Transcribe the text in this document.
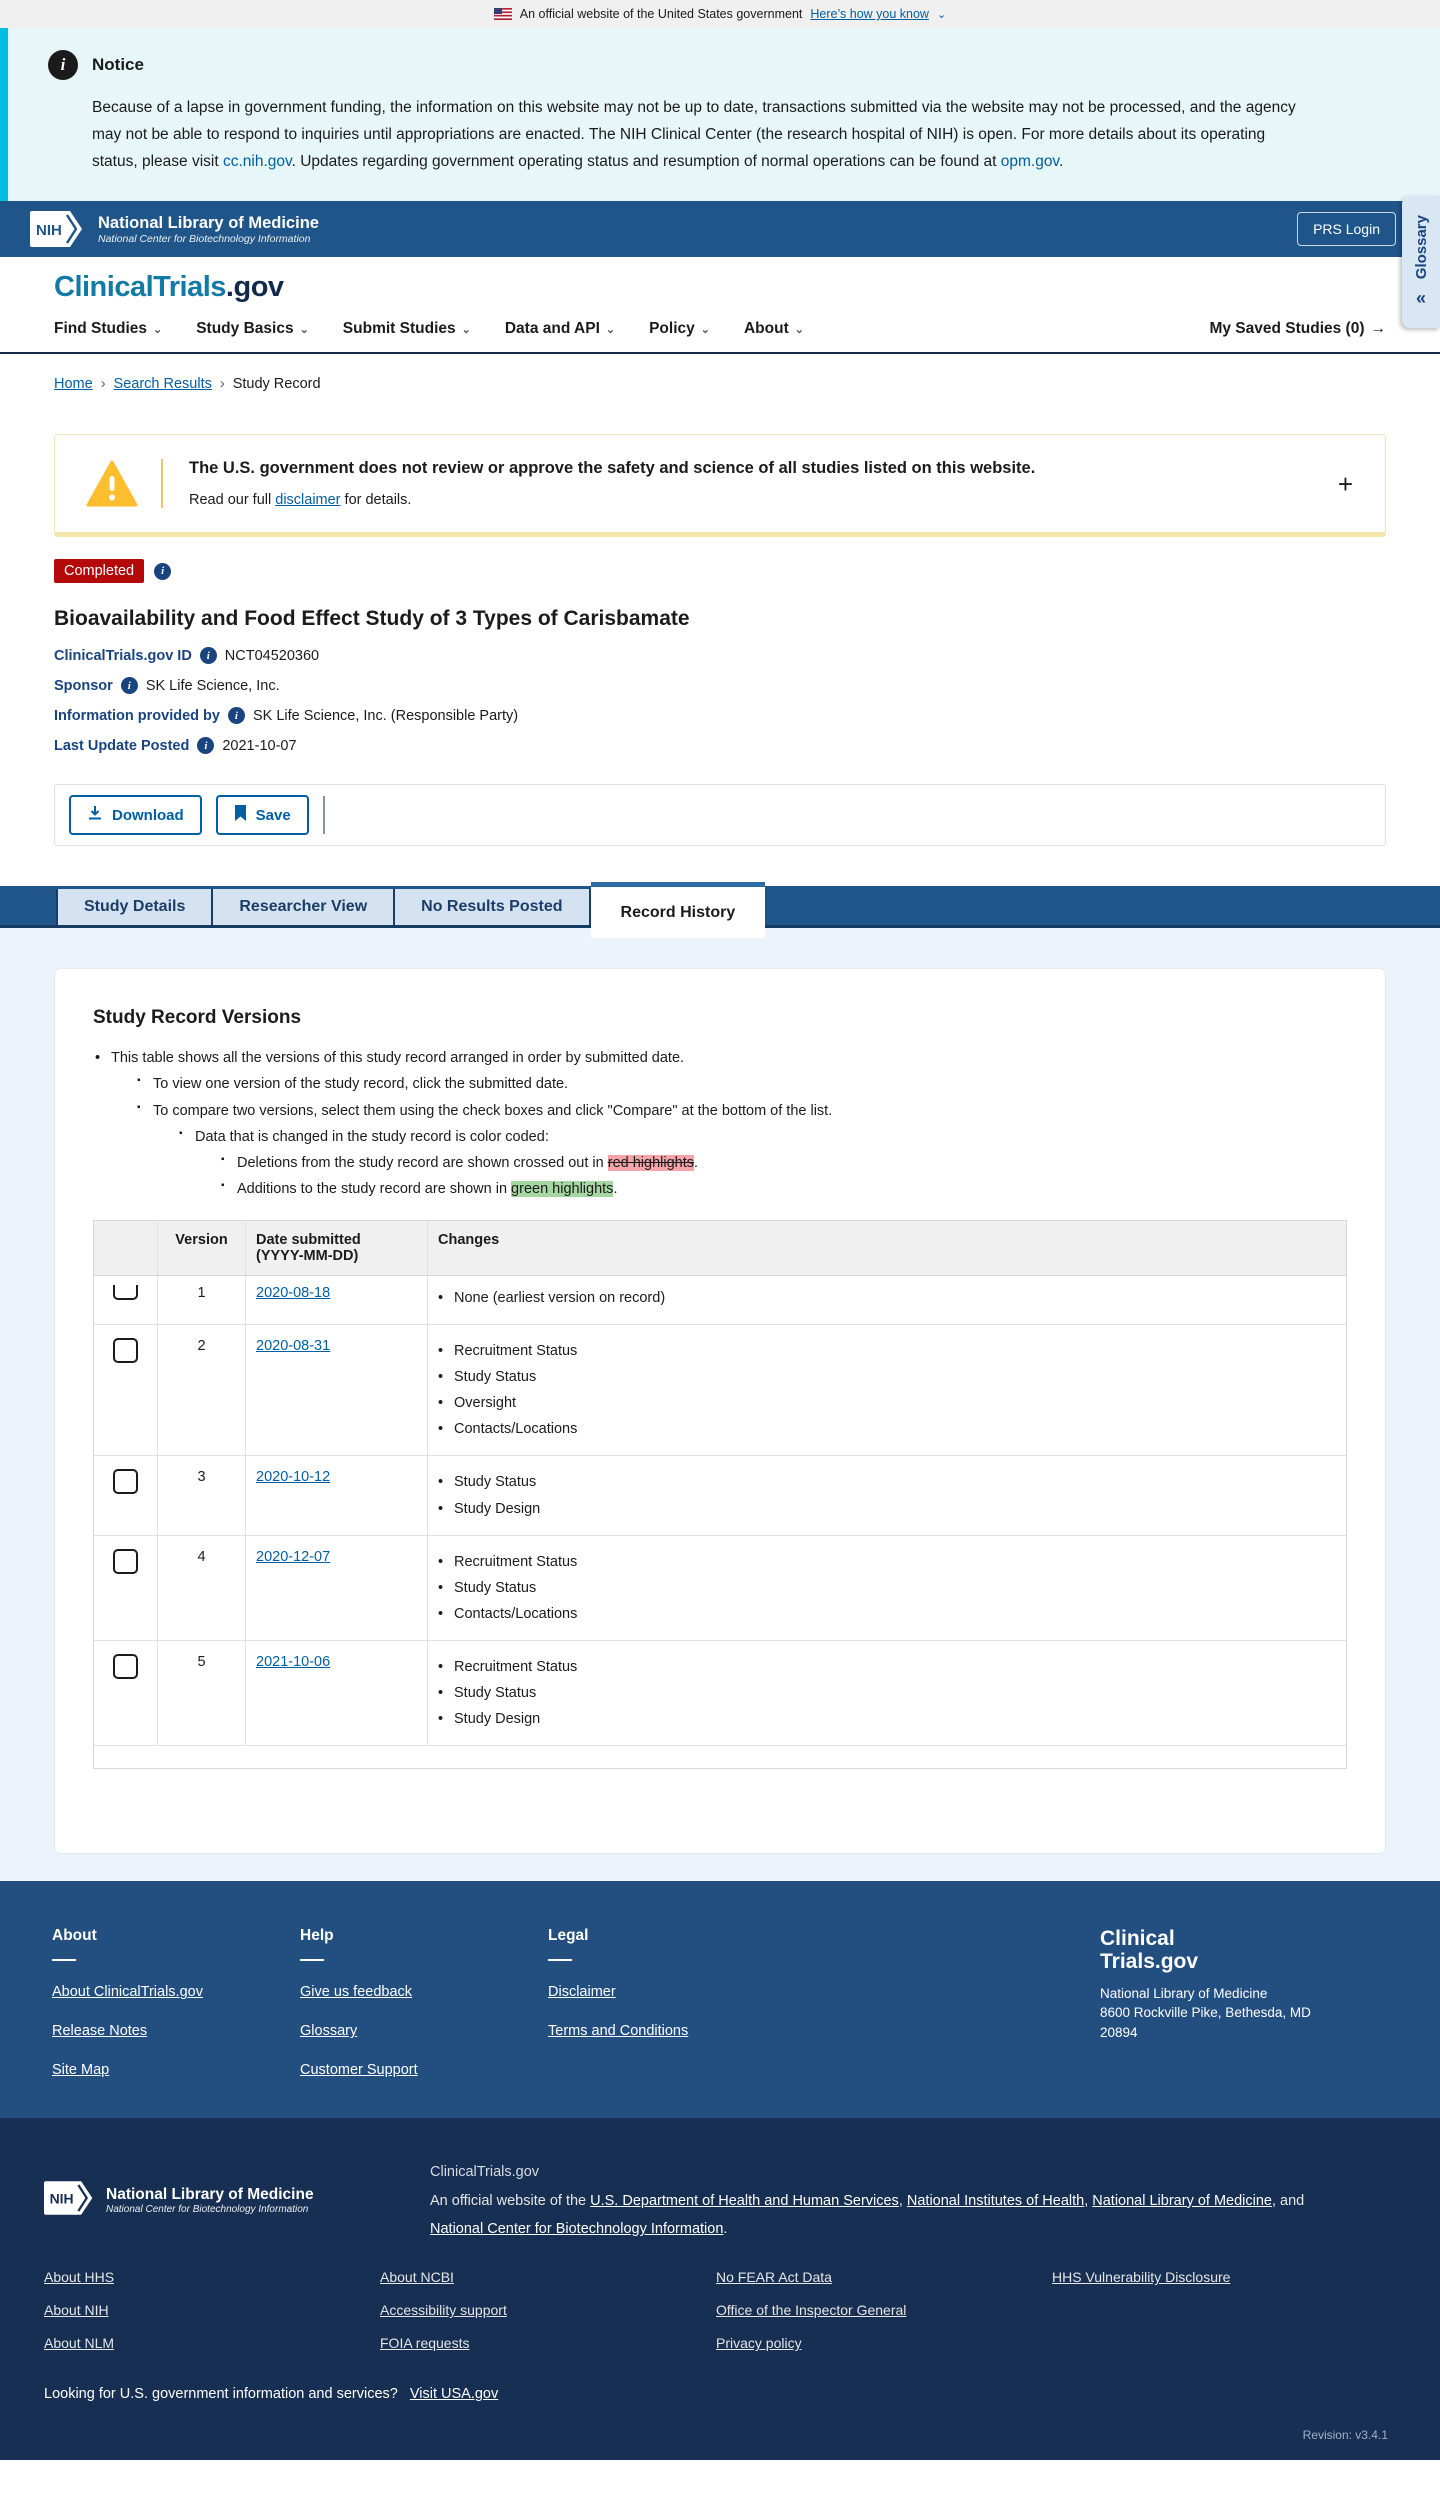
An official website of the United States government Here’s how you know ⌄
i	Notice
Because of a lapse in government funding, the information on this website may not be up to date, transactions submitted via the website may not be processed, and the agency may not be able to respond to inquiries until appropriations are enacted. The NIH Clinical Center (the research hospital of NIH) is open. For more details about its operating status, please visit cc.nih.gov. Updates regarding government operating status and resumption of normal operations can be found at opm.gov.
NIH National Library of Medicine
National Center for Biotechnology Information
PRS Login	Glossary
«
ClinicalTrials.gov
Find Studies ⌄ Study Basics ⌄ Submit Studies ⌄ Data and API ⌄ Policy ⌄ About ⌄	My Saved Studies (0) →
Home › Search Results › Study Record
The U.S. government does not review or approve the safety and science of all studies listed on this website.
Read our full disclaimer for details.
+
Completed	i
Bioavailability and Food Effect Study of 3 Types of Carisbamate
ClinicalTrials.gov ID	i	NCT04520360
Sponsor	i	SK Life Science, Inc.
Information provided by	i	SK Life Science, Inc. (Responsible Party)
Last Update Posted	i	2021-10-07
Download	Save
Study Details	Researcher View	No Results Posted	Record History
Study Record Versions
• This table shows all the versions of this study record arranged in order by submitted date.
▪ To view one version of the study record, click the submitted date.
▪ To compare two versions, select them using the check boxes and click "Compare" at the bottom of the list.
▪ Data that is changed in the study record is color coded:
▪ Deletions from the study record are shown crossed out in red highlights.
▪ Additions to the study record are shown in green highlights.
Version	Date submitted
(YYYY-MM-DD)
Changes
1	2020-08-18	• None (earliest version on record)
2	2020-08-31	• Recruitment Status
• Study Status
• Oversight
• Contacts/Locations
3	2020-10-12	• Study Status
• Study Design
4	2020-12-07	• Recruitment Status
• Study Status
• Contacts/Locations
5	2021-10-06	• Recruitment Status
• Study Status
• Study Design
About
About ClinicalTrials.gov
Release Notes
Site Map
Help
Give us feedback
Glossary
Customer Support
Legal
Disclaimer
Terms and Conditions
Clinical
Trials.gov
National Library of Medicine
8600 Rockville Pike, Bethesda, MD
20894
NIH National Library of Medicine
National Center for Biotechnology Information
ClinicalTrials.gov
An official website of the U.S. Department of Health and Human Services, National Institutes of Health, National Library of Medicine, and National Center for Biotechnology Information.
About HHS
About NIH
About NLM
About NCBI
Accessibility support
FOIA requests
No FEAR Act Data
Office of the Inspector General
Privacy policy
HHS Vulnerability Disclosure
Looking for U.S. government information and services? Visit USA.gov
Revision: v3.4.1
